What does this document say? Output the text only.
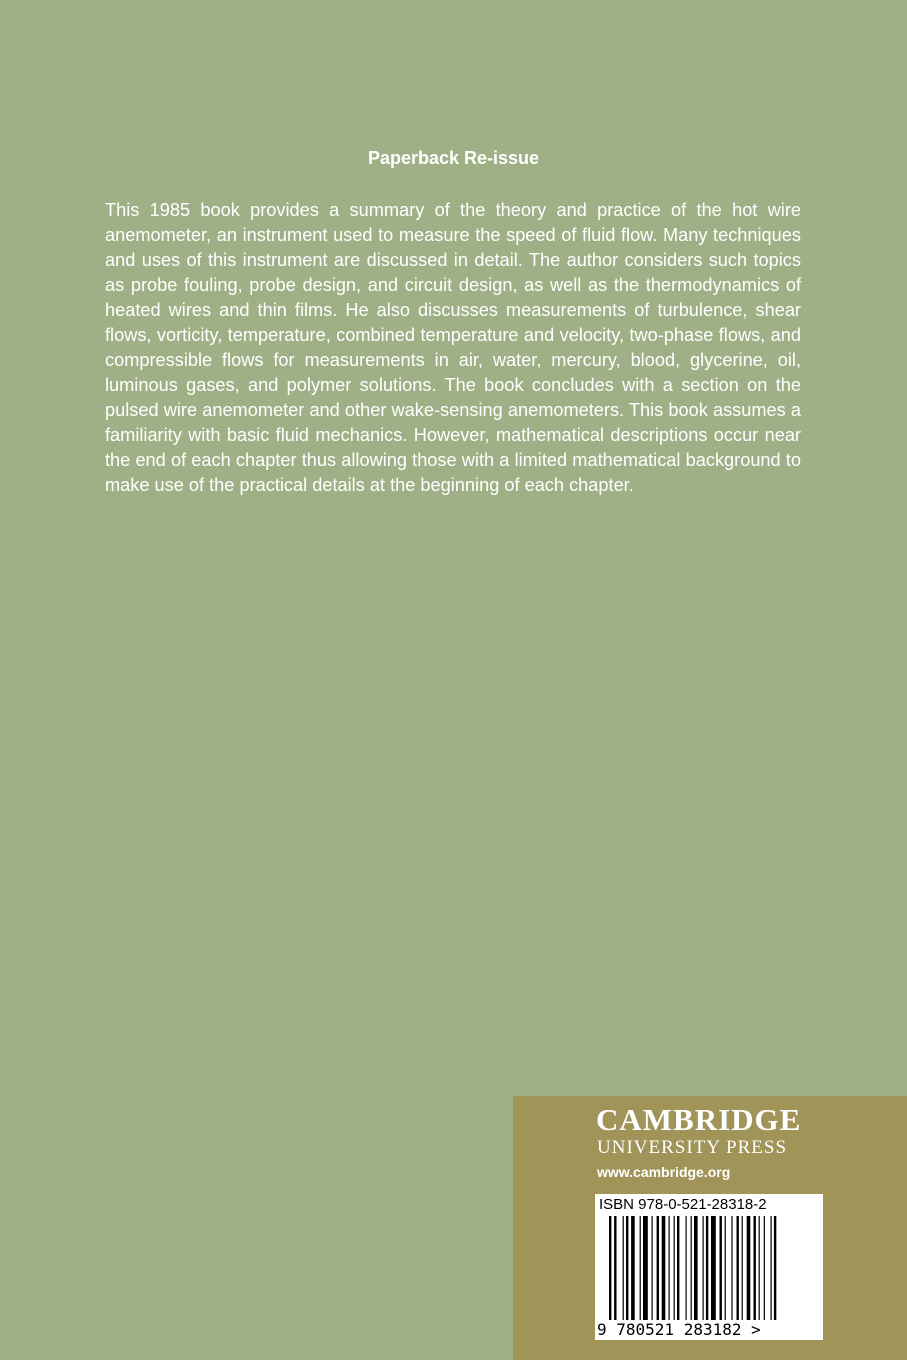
Paperback Re-issue

This 1985 book provides a summary of the theory and practice of the hot wire anemometer, an instrument used to measure the speed of fluid flow. Many techniques and uses of this instrument are discussed in detail. The author considers such topics as probe fouling, probe design, and circuit design, as well as the thermodynamics of heated wires and thin films. He also discusses measurements of turbulence, shear flows, vorticity, temperature, combined temperature and velocity, two-phase flows, and compressible flows for measurements in air, water, mercury, blood, glycerine, oil, luminous gases, and polymer solutions. The book concludes with a section on the pulsed wire anemometer and other wake-sensing anemometers. This book assumes a familiarity with basic fluid mechanics. However, mathematical descriptions occur near the end of each chapter thus allowing those with a limited mathematical background to make use of the practical details at the beginning of each chapter.

CAMBRIDGE
UNIVERSITY PRESS
www.cambridge.org
ISBN 978-0-521-28318-2
9 780521 283182 >
